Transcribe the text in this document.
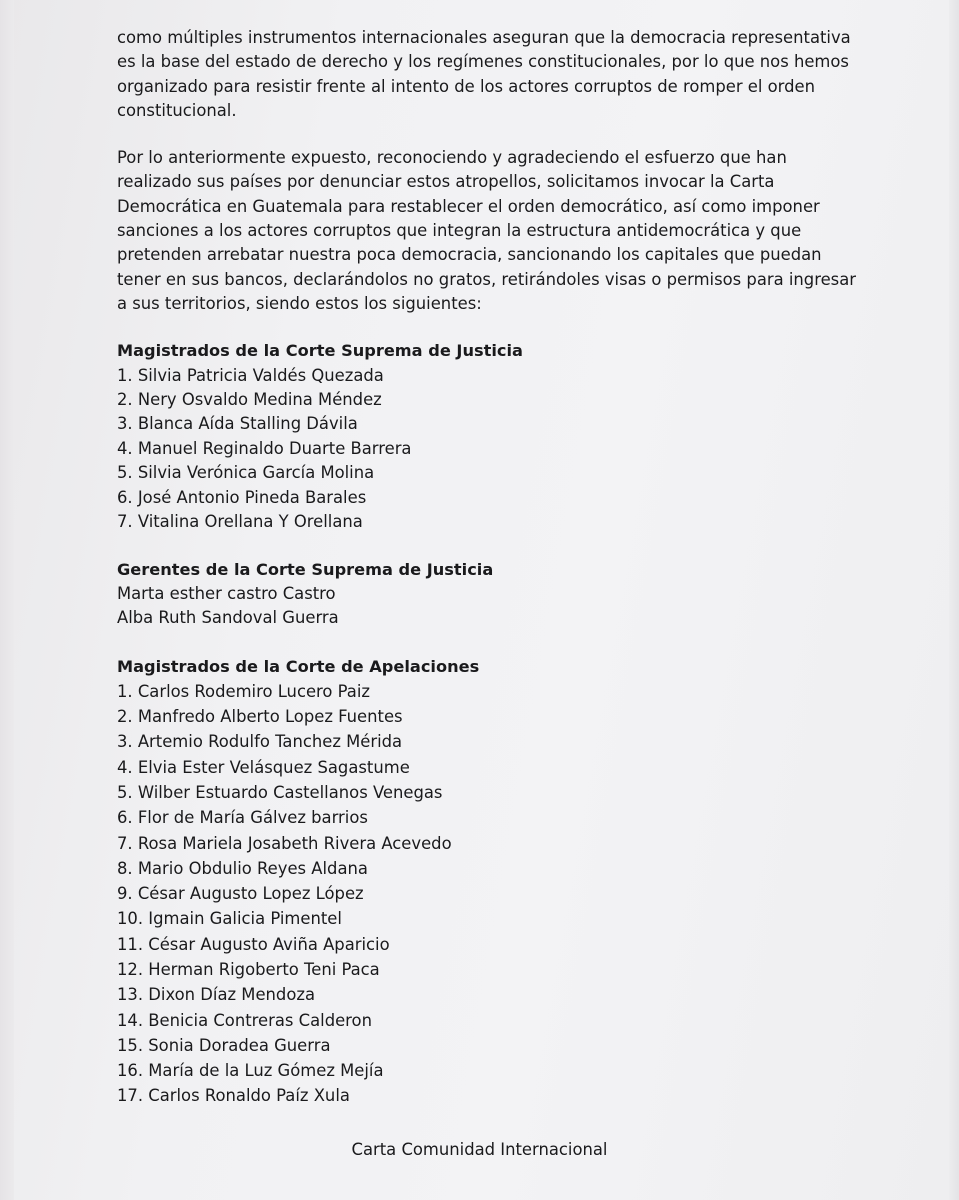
como múltiples instrumentos internacionales aseguran que la democracia representativa es la base del estado de derecho y los regímenes constitucionales, por lo que nos hemos organizado para resistir frente al intento de los actores corruptos de romper el orden constitucional.

Por lo anteriormente expuesto, reconociendo y agradeciendo el esfuerzo que han realizado sus países por denunciar estos atropellos, solicitamos invocar la Carta Democrática en Guatemala para restablecer el orden democrático, así como imponer sanciones a los actores corruptos que integran la estructura antidemocrática y que pretenden arrebatar nuestra poca democracia, sancionando los capitales que puedan tener en sus bancos, declarándolos no gratos, retirándoles visas o permisos para ingresar a sus territorios, siendo estos los siguientes:

Magistrados de la Corte Suprema de Justicia

1. Silvia Patricia Valdés Quezada
2. Nery Osvaldo Medina Méndez
3. Blanca Aída Stalling Dávila
4. Manuel Reginaldo Duarte Barrera
5. Silvia Verónica García Molina
6. José Antonio Pineda Barales
7. Vitalina Orellana Y Orellana

Gerentes de la Corte Suprema de Justicia

Marta esther castro Castro
Alba Ruth Sandoval Guerra

Magistrados de la Corte de Apelaciones

1. Carlos Rodemiro Lucero Paiz
2. Manfredo Alberto Lopez Fuentes
3. Artemio Rodulfo Tanchez Mérida
4. Elvia Ester Velásquez Sagastume
5. Wilber Estuardo Castellanos Venegas
6. Flor de María Gálvez barrios
7. Rosa Mariela Josabeth Rivera Acevedo
8. Mario Obdulio Reyes Aldana
9. César Augusto Lopez López
10. Igmain Galicia Pimentel
11. César Augusto Aviña Aparicio
12. Herman Rigoberto Teni Paca
13. Dixon Díaz Mendoza
14. Benicia Contreras Calderon
15. Sonia Doradea Guerra
16. María de la Luz Gómez Mejía
17. Carlos Ronaldo Paíz Xula
Carta Comunidad Internacional
